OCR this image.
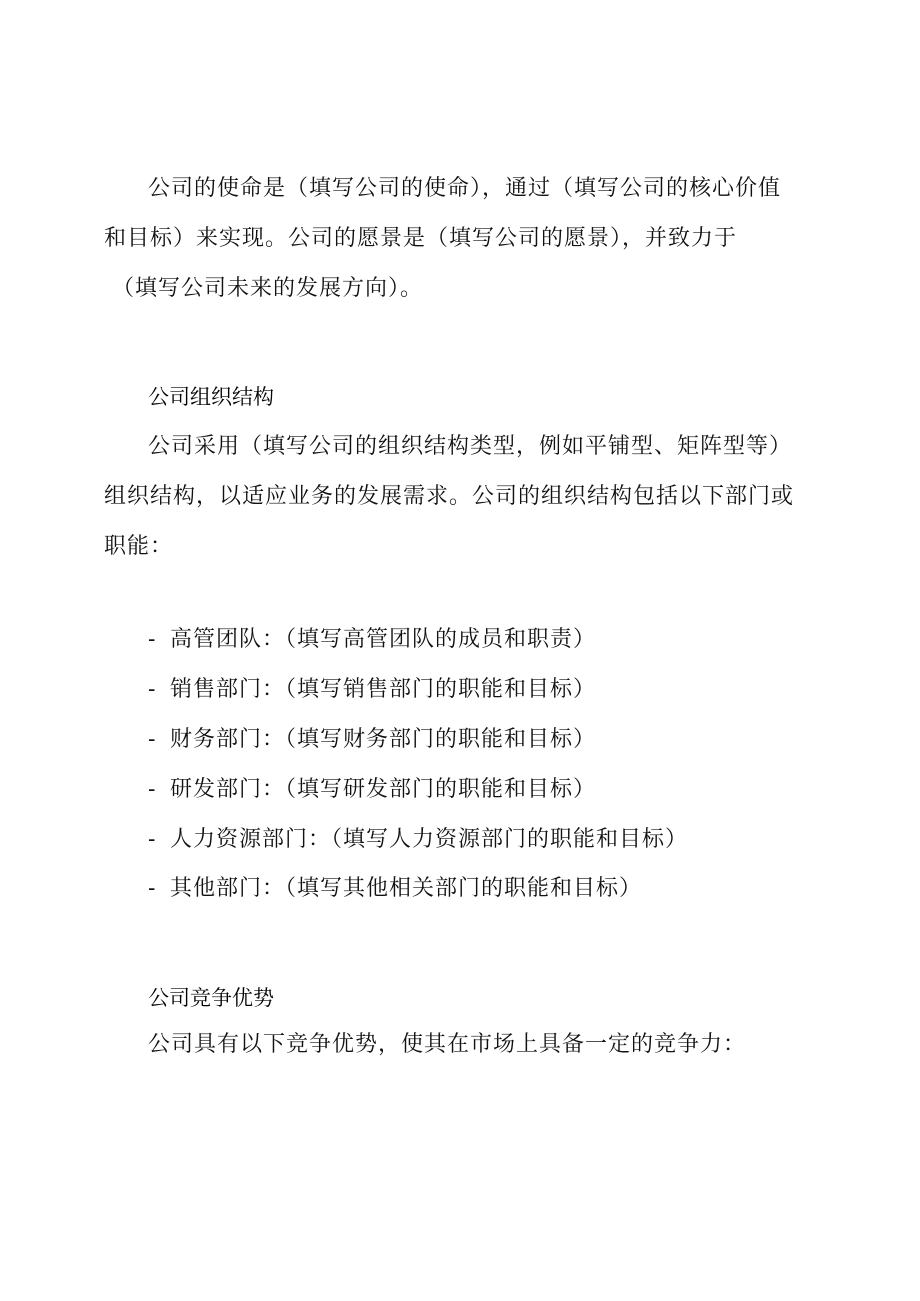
公司的使命是（填写公司的使命），通过（填写公司的核心价值
和目标）来实现。公司的愿景是（填写公司的愿景），并致力于
（填写公司未来的发展方向）。
公司组织结构
公司采用（填写公司的组织结构类型，例如平铺型、矩阵型等）
组织结构，以适应业务的发展需求。公司的组织结构包括以下部门或
职能：
- 高管团队：（填写高管团队的成员和职责）
- 销售部门：（填写销售部门的职能和目标）
- 财务部门：（填写财务部门的职能和目标）
- 研发部门：（填写研发部门的职能和目标）
- 人力资源部门：（填写人力资源部门的职能和目标）
- 其他部门：（填写其他相关部门的职能和目标）
公司竞争优势
公司具有以下竞争优势，使其在市场上具备一定的竞争力：
